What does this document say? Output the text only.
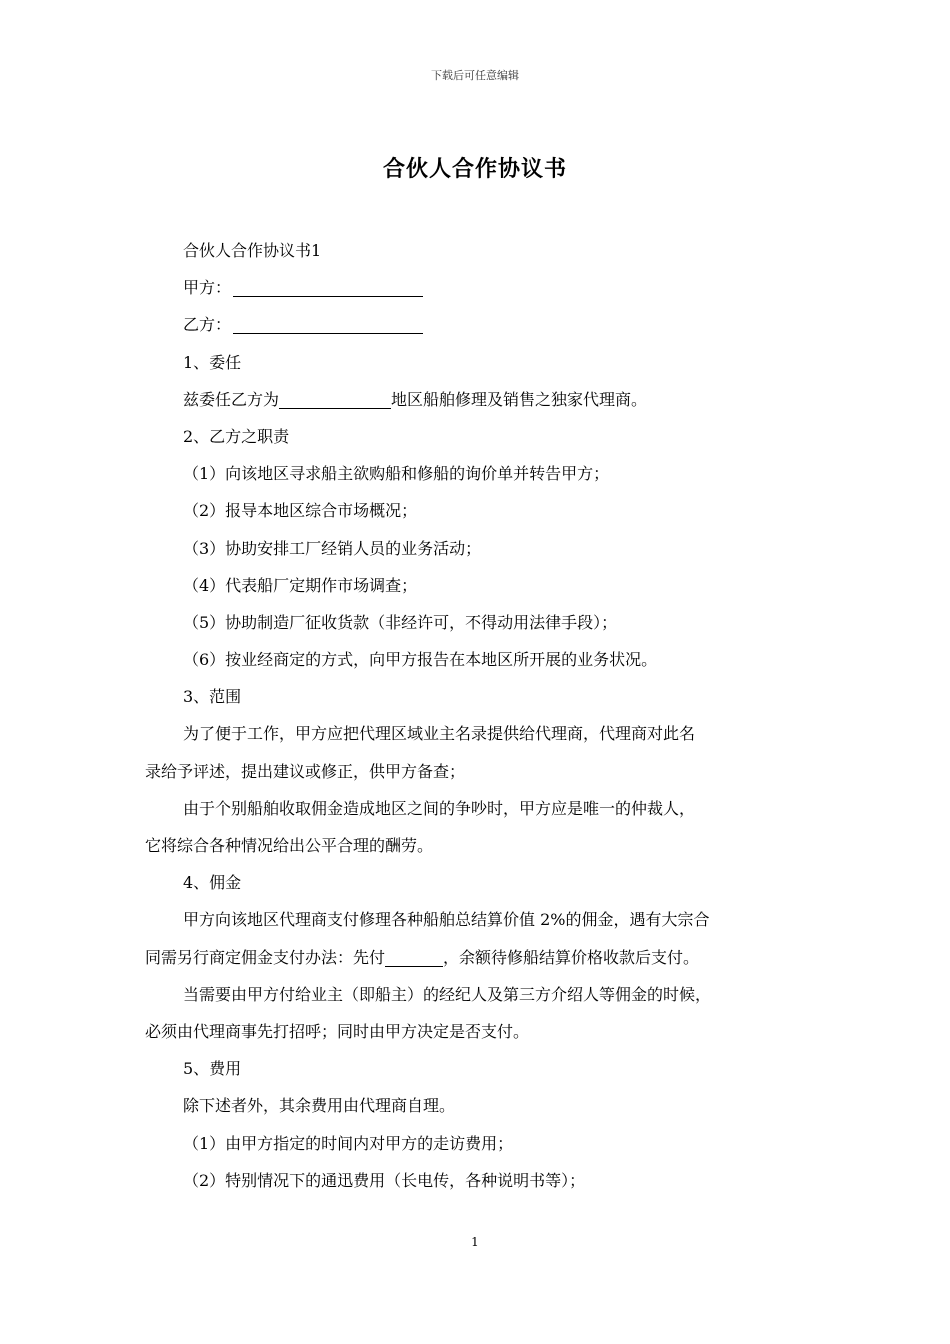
下载后可任意编辑
合伙人合作协议书
合伙人合作协议书1
甲方：
乙方：
1、委任
兹委任乙方为	地区船舶修理及销售之独家代理商。
2、乙方之职责
（1）向该地区寻求船主欲购船和修船的询价单并转告甲方；
（2）报导本地区综合市场概况；
（3）协助安排工厂经销人员的业务活动；
（4）代表船厂定期作市场调查；
（5）协助制造厂征收货款（非经许可，不得动用法律手段）；
（6）按业经商定的方式，向甲方报告在本地区所开展的业务状况。
3、范围
为了便于工作，甲方应把代理区域业主名录提供给代理商，代理商对此名
录给予评述，提出建议或修正，供甲方备查；
由于个别船舶收取佣金造成地区之间的争吵时，甲方应是唯一的仲裁人，
它将综合各种情况给出公平合理的酬劳。
4、佣金
甲方向该地区代理商支付修理各种船舶总结算价值 2%的佣金，遇有大宗合
同需另行商定佣金支付办法：先付	，余额待修船结算价格收款后支付。
当需要由甲方付给业主（即船主）的经纪人及第三方介绍人等佣金的时候，
必须由代理商事先打招呼；同时由甲方决定是否支付。
5、费用
除下述者外，其余费用由代理商自理。
（1）由甲方指定的时间内对甲方的走访费用；
（2）特别情况下的通迅费用（长电传，各种说明书等）；
1
